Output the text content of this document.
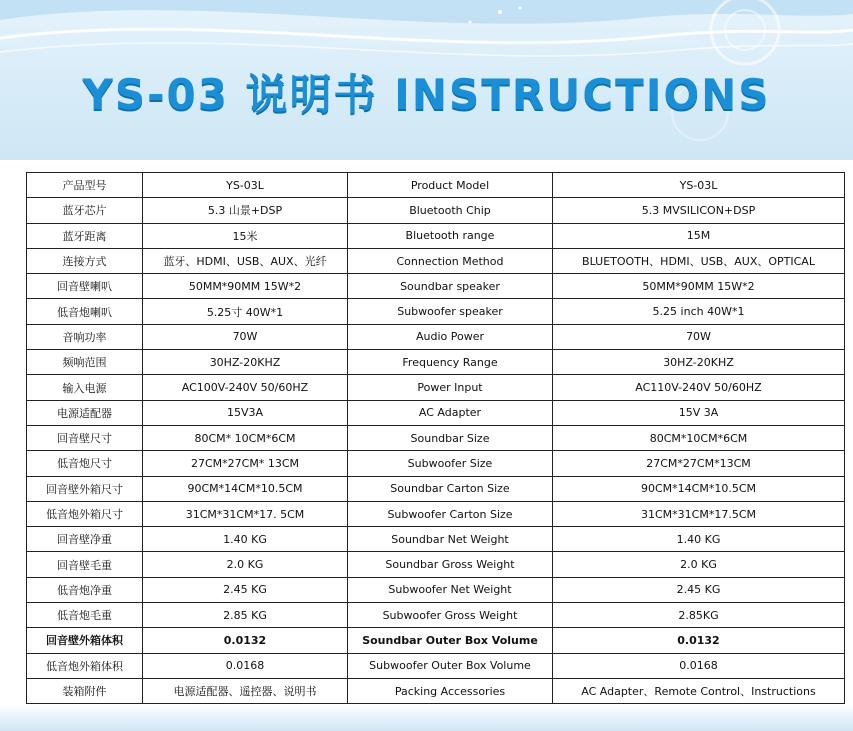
YS-03 说明书 INSTRUCTIONS
产品型号	YS-03L	Product Model	YS-03L
蓝牙芯片	5.3 山景+DSP	Bluetooth Chip	5.3 MVSILICON+DSP
蓝牙距离	15米	Bluetooth range	15M
连接方式	蓝牙、HDMI、USB、AUX、光纤	Connection Method	BLUETOOTH、HDMI、USB、AUX、OPTICAL
回音壁喇叭	50MM*90MM 15W*2	Soundbar speaker	50MM*90MM 15W*2
低音炮喇叭	5.25寸 40W*1	Subwoofer speaker	5.25 inch 40W*1
音响功率	70W	Audio Power	70W
频响范围	30HZ-20KHZ	Frequency Range	30HZ-20KHZ
输入电源	AC100V-240V 50/60HZ	Power Input	AC110V-240V 50/60HZ
电源适配器	15V3A	AC Adapter	15V 3A
回音壁尺寸	80CM* 10CM*6CM	Soundbar Size	80CM*10CM*6CM
低音炮尺寸	27CM*27CM* 13CM	Subwoofer Size	27CM*27CM*13CM
回音壁外箱尺寸	90CM*14CM*10.5CM	Soundbar Carton Size	90CM*14CM*10.5CM
低音炮外箱尺寸	31CM*31CM*17. 5CM	Subwoofer Carton Size	31CM*31CM*17.5CM
回音壁净重	1.40 KG	Soundbar Net Weight	1.40 KG
回音壁毛重	2.0 KG	Soundbar Gross Weight	2.0 KG
低音炮净重	2.45 KG	Subwoofer Net Weight	2.45 KG
低音炮毛重	2.85 KG	Subwoofer Gross Weight	2.85KG
回音壁外箱体积	0.0132	Soundbar Outer Box Volume	0.0132
低音炮外箱体积	0.0168	Subwoofer Outer Box Volume	0.0168
装箱附件	电源适配器、遥控器、说明书	Packing Accessories	AC Adapter、Remote Control、Instructions
